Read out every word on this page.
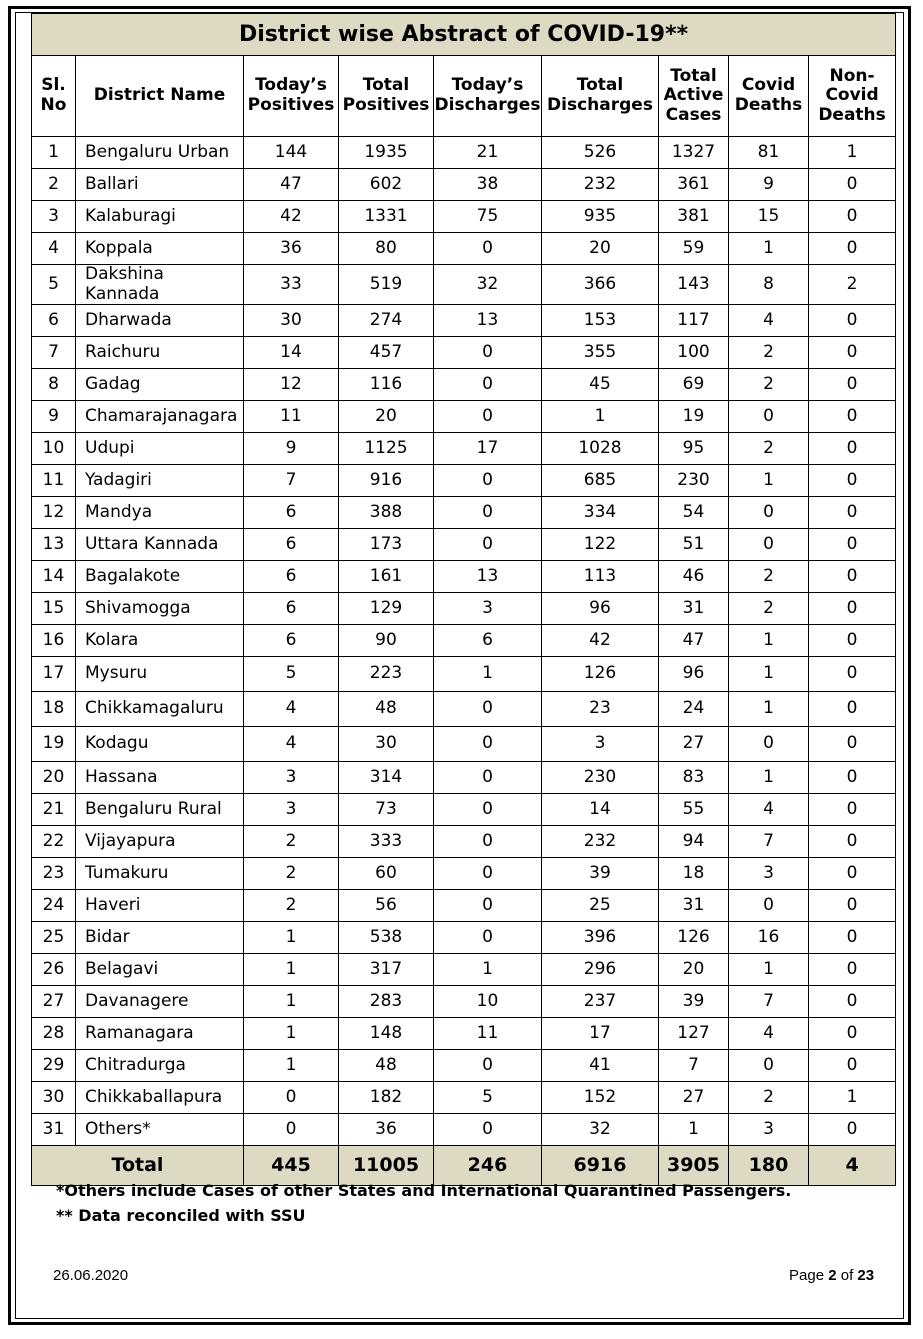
District wise Abstract of COVID-19**								
Sl. No	District Name	Today’s Positives	Total Positives	Today’s Discharges	Total Discharges	Total Active Cases	Covid Deaths	Non-Covid Deaths
1	Bengaluru Urban	144	1935	21	526	1327	81	1
2	Ballari	47	602	38	232	361	9	0
3	Kalaburagi	42	1331	75	935	381	15	0
4	Koppala	36	80	0	20	59	1	0
5	Dakshina Kannada	33	519	32	366	143	8	2
6	Dharwada	30	274	13	153	117	4	0
7	Raichuru	14	457	0	355	100	2	0
8	Gadag	12	116	0	45	69	2	0
9	Chamarajanagara	11	20	0	1	19	0	0
10	Udupi	9	1125	17	1028	95	2	0
11	Yadagiri	7	916	0	685	230	1	0
12	Mandya	6	388	0	334	54	0	0
13	Uttara Kannada	6	173	0	122	51	0	0
14	Bagalakote	6	161	13	113	46	2	0
15	Shivamogga	6	129	3	96	31	2	0
16	Kolara	6	90	6	42	47	1	0
17	Mysuru	5	223	1	126	96	1	0
18	Chikkamagaluru	4	48	0	23	24	1	0
19	Kodagu	4	30	0	3	27	0	0
20	Hassana	3	314	0	230	83	1	0
21	Bengaluru Rural	3	73	0	14	55	4	0
22	Vijayapura	2	333	0	232	94	7	0
23	Tumakuru	2	60	0	39	18	3	0
24	Haveri	2	56	0	25	31	0	0
25	Bidar	1	538	0	396	126	16	0
26	Belagavi	1	317	1	296	20	1	0
27	Davanagere	1	283	10	237	39	7	0
28	Ramanagara	1	148	11	17	127	4	0
29	Chitradurga	1	48	0	41	7	0	0
30	Chikkaballapura	0	182	5	152	27	2	1
31	Others*	0	36	0	32	1	3	0
Total		445	11005	246	6916	3905	180	4
*Others include Cases of other States and International Quarantined Passengers.
** Data reconciled with SSU
26.06.2020	Page 2 of 23
